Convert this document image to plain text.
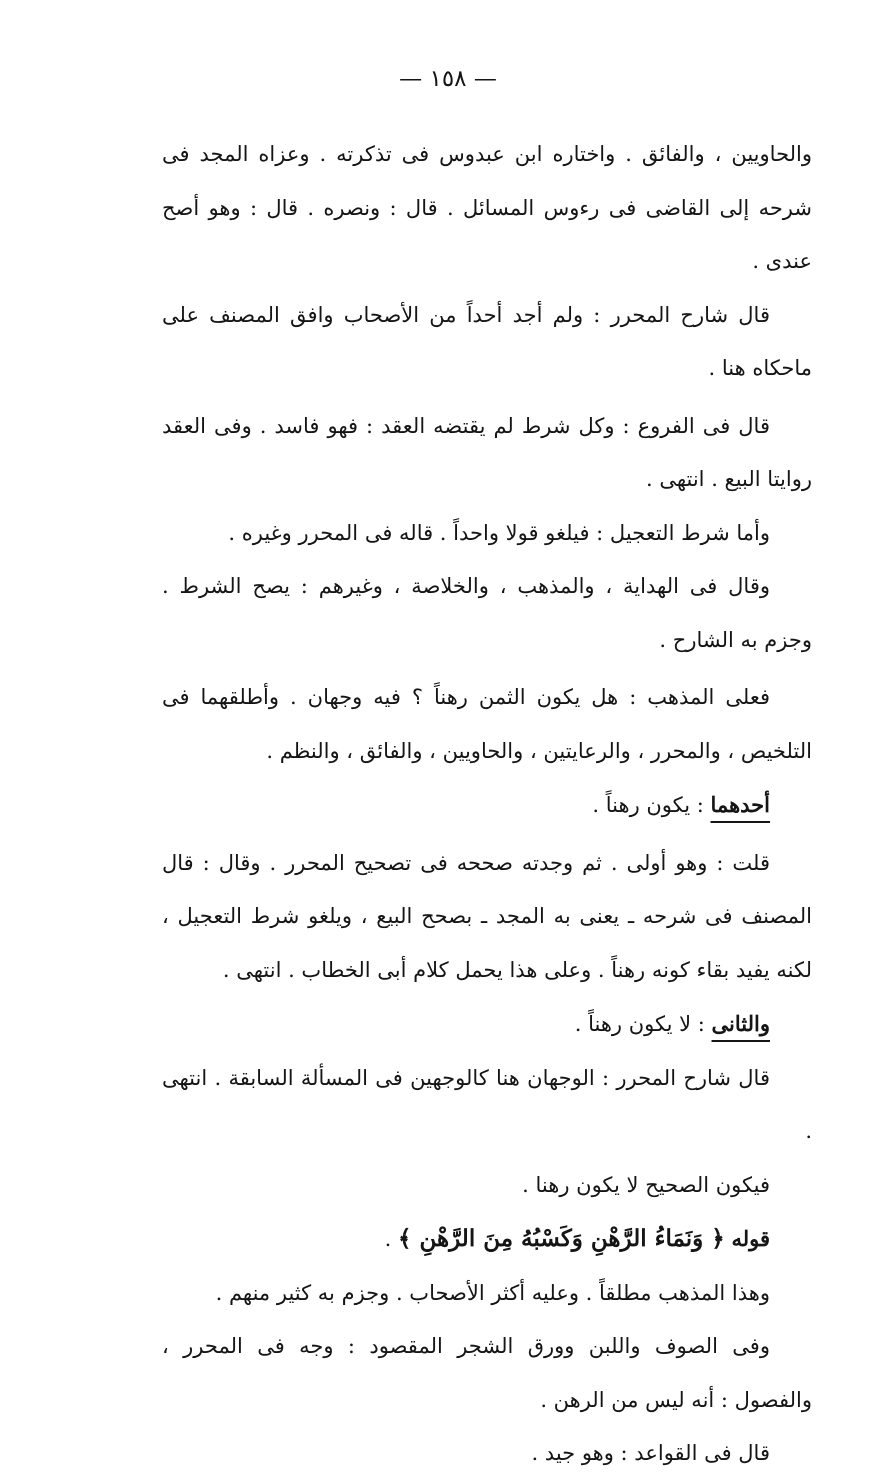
— ١٥٨ —

والحاويين ، والفائق . واختاره ابن عبدوس فى تذكرته . وعزاه المجد فى شرحه إلى القاضى فى رءوس المسائل . قال : ونصره . قال : وهو أصح عندى .

قال شارح المحرر : ولم أجد أحداً من الأصحاب وافق المصنف على ماحكاه هنا .

قال فى الفروع : وكل شرط لم يقتضه العقد : فهو فاسد . وفى العقد روايتا البيع . انتهى .

وأما شرط التعجيل : فيلغو قولا واحداً . قاله فى المحرر وغيره .

وقال فى الهداية ، والمذهب ، والخلاصة ، وغيرهم : يصح الشرط . وجزم به الشارح .

فعلى المذهب : هل يكون الثمن رهناً ؟ فيه وجهان . وأطلقهما فى التلخيص ، والمحرر ، والرعايتين ، والحاويين ، والفائق ، والنظم .

أحدهما : يكون رهناً .

قلت : وهو أولى . ثم وجدته صححه فى تصحيح المحرر . وقال : قال المصنف فى شرحه ـ يعنى به المجد ـ بصحح البيع ، ويلغو شرط التعجيل ، لكنه يفيد بقاء كونه رهناً . وعلى هذا يحمل كلام أبى الخطاب . انتهى .

والثانى : لا يكون رهناً .

قال شارح المحرر : الوجهان هنا كالوجهين فى المسألة السابقة . انتهى .

فيكون الصحيح لا يكون رهنا .

قوله ﴿ وَنَمَاءُ الرَّهْنِ وَكَسْبُهُ مِنَ الرَّهْنِ ﴾ .

وهذا المذهب مطلقاً . وعليه أكثر الأصحاب . وجزم به كثير منهم .

وفى الصوف واللبن وورق الشجر المقصود : وجه فى المحرر ، والفصول : أنه ليس من الرهن .

قال فى القواعد : وهو جيد .
